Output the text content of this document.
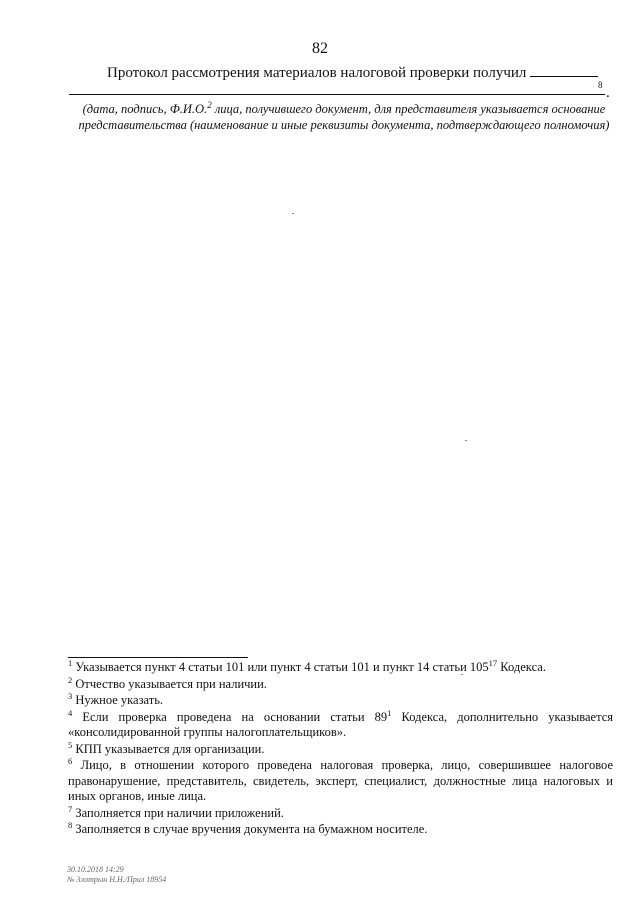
82
Протокол рассмотрения материалов налоговой проверки получил
8 .
(дата, подпись, Ф.И.О.$^2$ лица, получившего документ, для представителя указывается основание представительства (наименование и иные реквизиты документа, подтверждающего полномочия)
$^1$ Указывается пункт 4 статьи 101 или пункт 4 статьи 101 и пункт 14 статьи $105^{17}$ Кодекса.
$^2$ Отчество указывается при наличии.
$^3$ Нужное указать.
$^4$ Если проверка проведена на основании статьи $89^1$ Кодекса, дополнительно указывается «консолидированной группы налогоплательщиков».
$^5$ КПП указывается для организации.
$^6$ Лицо, в отношении которого проведена налоговая проверка, лицо, совершившее налоговое правонарушение, представитель, свидетель, эксперт, специалист, должностные лица налоговых и иных органов, иные лица.
$^7$ Заполняется при наличии приложений.
$^8$ Заполняется в случае вручения документа на бумажном носителе.
30.10.2018 14:29
№ Злотрын Н.Н./Прил 18954
